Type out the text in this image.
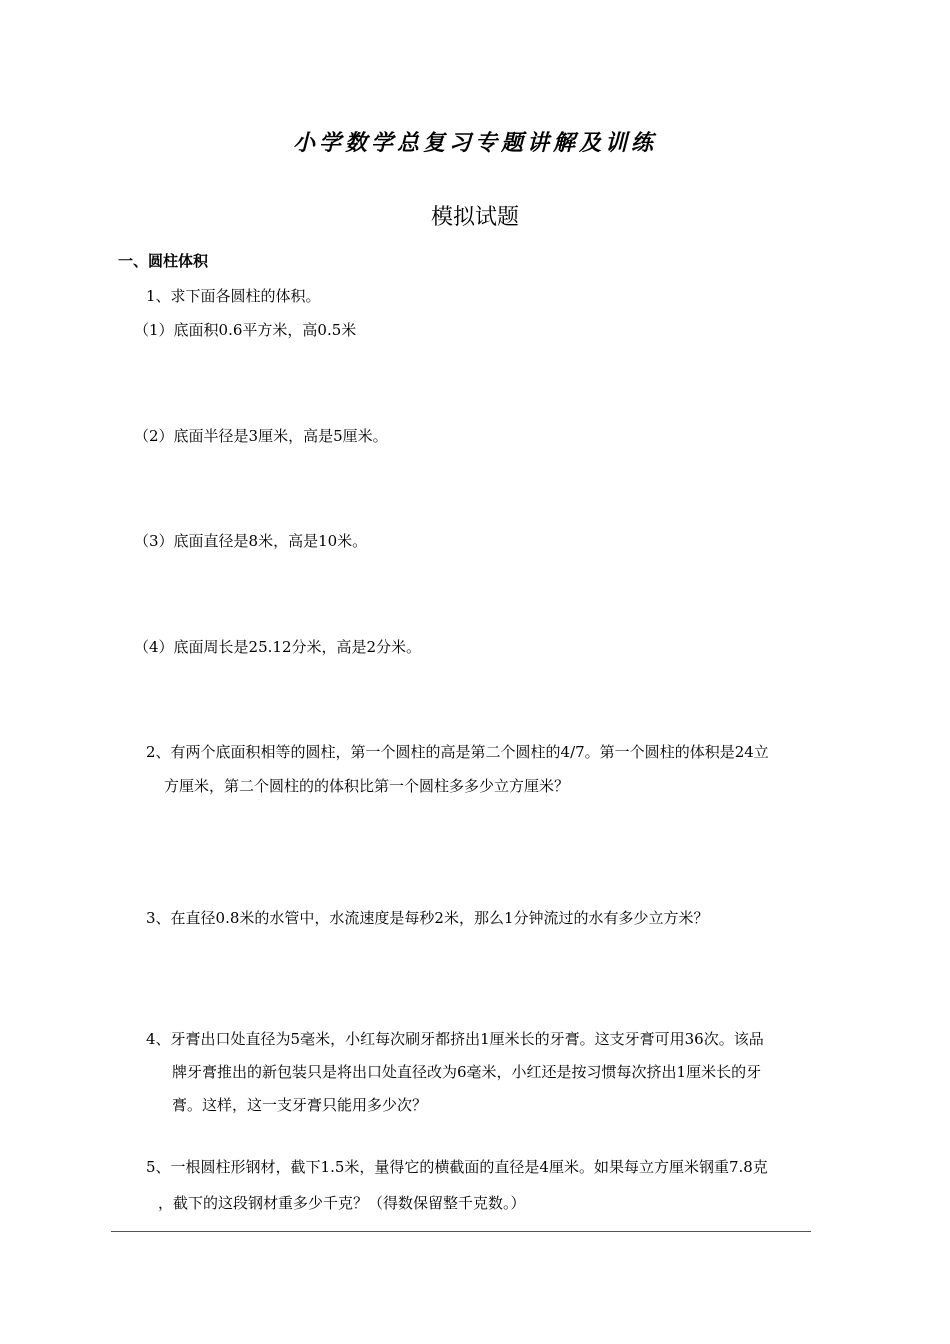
小学数学总复习专题讲解及训练
模拟试题
一、圆柱体积
1、求下面各圆柱的体积。
（1）底面积0.6平方米，高0.5米
（2）底面半径是3厘米，高是5厘米。
（3）底面直径是8米，高是10米。
（4）底面周长是25.12分米，高是2分米。
2、有两个底面积相等的圆柱，第一个圆柱的高是第二个圆柱的4/7。第一个圆柱的体积是24立
方厘米，第二个圆柱的的体积比第一个圆柱多多少立方厘米？
3、在直径0.8米的水管中，水流速度是每秒2米，那么1分钟流过的水有多少立方米？
4、牙膏出口处直径为5毫米，小红每次刷牙都挤出1厘米长的牙膏。这支牙膏可用36次。该品
牌牙膏推出的新包装只是将出口处直径改为6毫米，小红还是按习惯每次挤出1厘米长的牙
膏。这样，这一支牙膏只能用多少次？
5、一根圆柱形钢材，截下1.5米，量得它的横截面的直径是4厘米。如果每立方厘米钢重7.8克
，截下的这段钢材重多少千克？（得数保留整千克数。）
